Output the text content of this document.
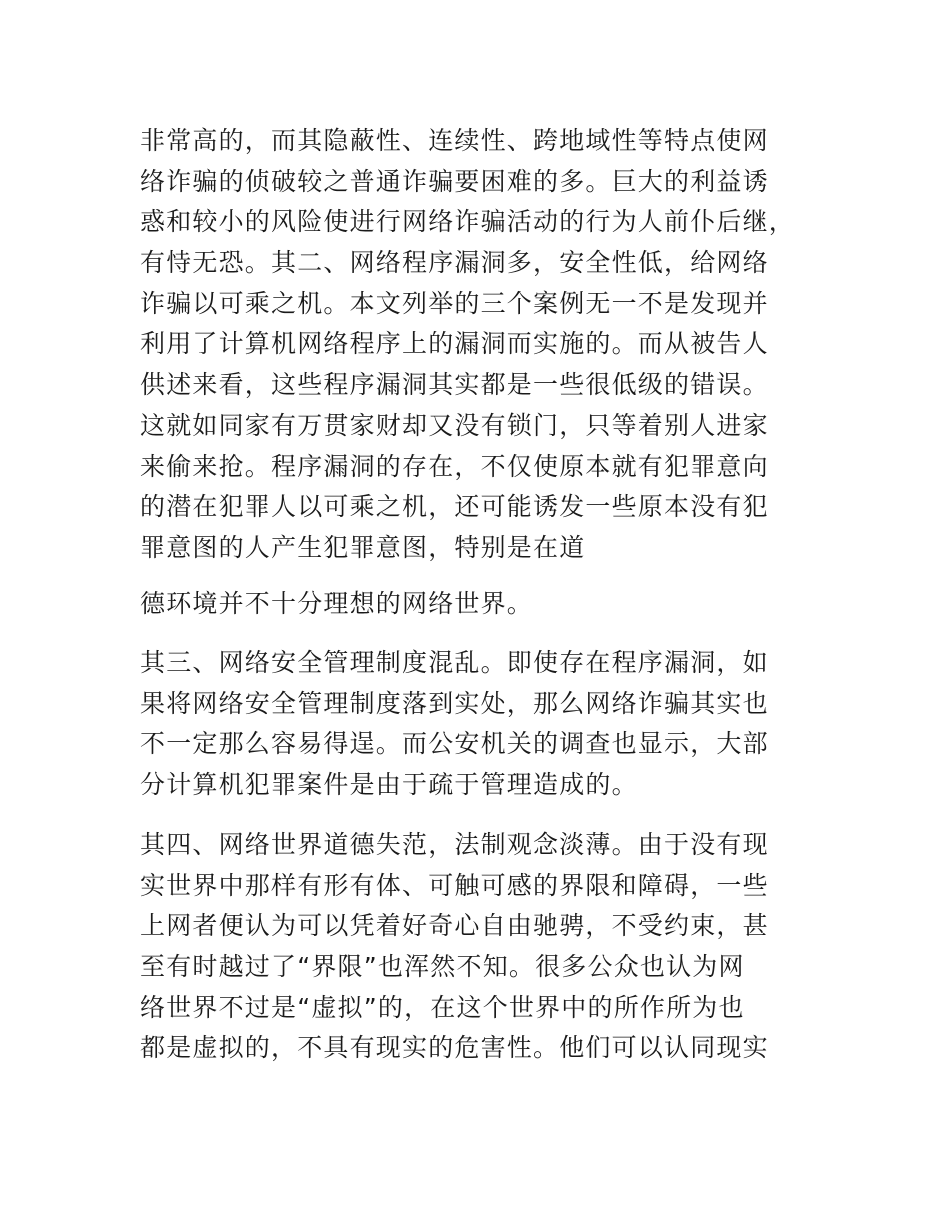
非常高的，而其隐蔽性、连续性、跨地域性等特点使网
络诈骗的侦破较之普通诈骗要困难的多。巨大的利益诱
惑和较小的风险使进行网络诈骗活动的行为人前仆后继，
有恃无恐。其二、网络程序漏洞多，安全性低，给网络
诈骗以可乘之机。本文列举的三个案例无一不是发现并
利用了计算机网络程序上的漏洞而实施的。而从被告人
供述来看，这些程序漏洞其实都是一些很低级的错误。
这就如同家有万贯家财却又没有锁门，只等着别人进家
来偷来抢。程序漏洞的存在，不仅使原本就有犯罪意向
的潜在犯罪人以可乘之机，还可能诱发一些原本没有犯
罪意图的人产生犯罪意图，特别是在道
德环境并不十分理想的网络世界。
其三、网络安全管理制度混乱。即使存在程序漏洞，如
果将网络安全管理制度落到实处，那么网络诈骗其实也
不一定那么容易得逞。而公安机关的调查也显示，大部
分计算机犯罪案件是由于疏于管理造成的。
其四、网络世界道德失范，法制观念淡薄。由于没有现
实世界中那样有形有体、可触可感的界限和障碍，一些
上网者便认为可以凭着好奇心自由驰骋，不受约束，甚
至有时越过了“界限”也浑然不知。很多公众也认为网
络世界不过是“虚拟”的，在这个世界中的所作所为也
都是虚拟的，不具有现实的危害性。他们可以认同现实
